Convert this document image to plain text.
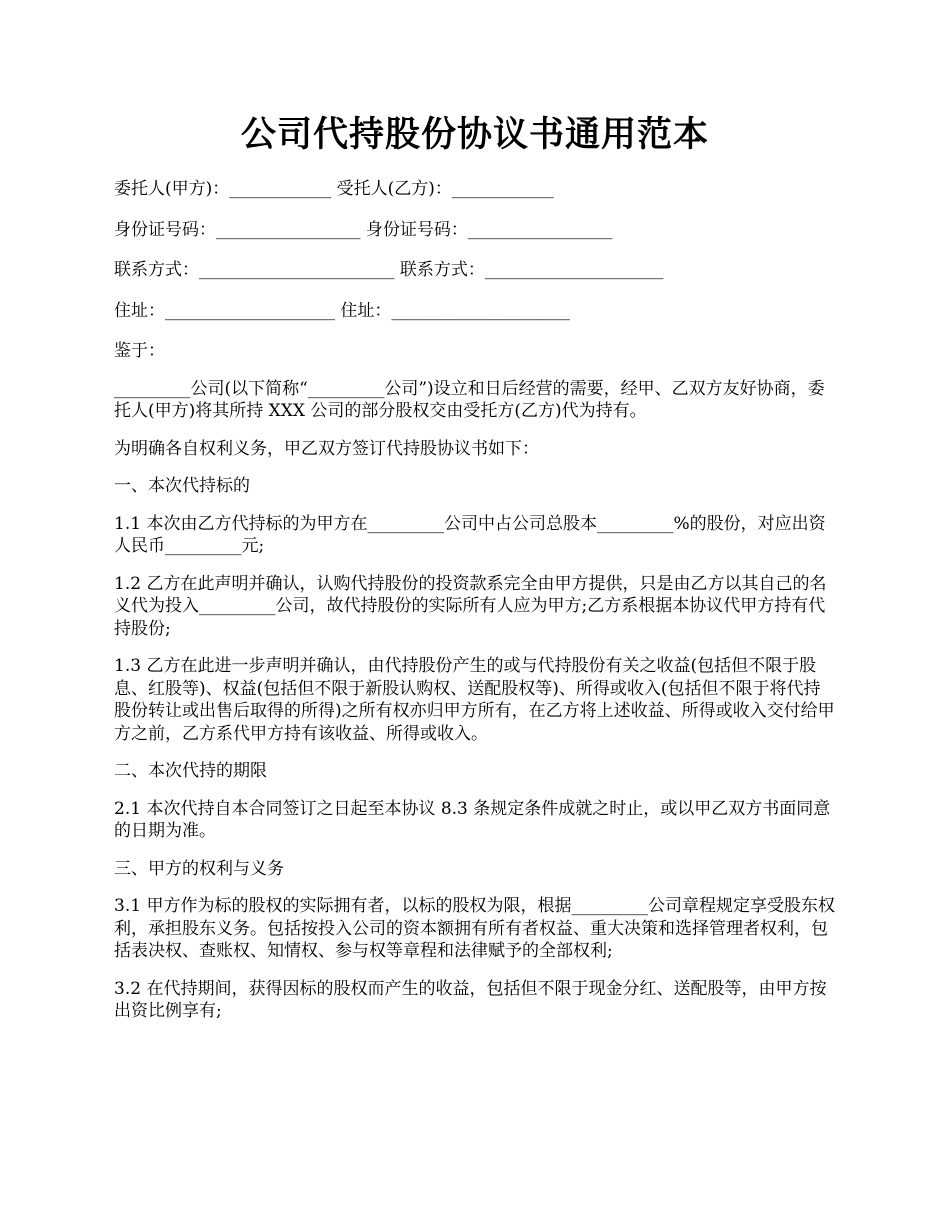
公司代持股份协议书通用范本

委托人(甲方)：____________ 受托人(乙方)：____________

身份证号码：_________________ 身份证号码：_________________

联系方式：_______________________ 联系方式：_____________________

住址：____________________ 住址：_____________________

鉴于：

_________公司(以下简称“_________公司”)设立和日后经营的需要，经甲、乙双方友好协商，委托人(甲方)将其所持 XXX 公司的部分股权交由受托方(乙方)代为持有。

为明确各自权利义务，甲乙双方签订代持股协议书如下：

一、本次代持标的

1.1 本次由乙方代持标的为甲方在_________公司中占公司总股本_________%的股份，对应出资人民币_________元;

1.2 乙方在此声明并确认，认购代持股份的投资款系完全由甲方提供，只是由乙方以其自己的名义代为投入_________公司，故代持股份的实际所有人应为甲方;乙方系根据本协议代甲方持有代持股份;

1.3 乙方在此进一步声明并确认，由代持股份产生的或与代持股份有关之收益(包括但不限于股息、红股等)、权益(包括但不限于新股认购权、送配股权等)、所得或收入(包括但不限于将代持股份转让或出售后取得的所得)之所有权亦归甲方所有，在乙方将上述收益、所得或收入交付给甲方之前，乙方系代甲方持有该收益、所得或收入。

二、本次代持的期限

2.1 本次代持自本合同签订之日起至本协议 8.3 条规定条件成就之时止，或以甲乙双方书面同意的日期为准。

三、甲方的权利与义务

3.1 甲方作为标的股权的实际拥有者，以标的股权为限，根据_________公司章程规定享受股东权利，承担股东义务。包括按投入公司的资本额拥有所有者权益、重大决策和选择管理者权利，包括表决权、查账权、知情权、参与权等章程和法律赋予的全部权利;

3.2 在代持期间，获得因标的股权而产生的收益，包括但不限于现金分红、送配股等，由甲方按出资比例享有;
